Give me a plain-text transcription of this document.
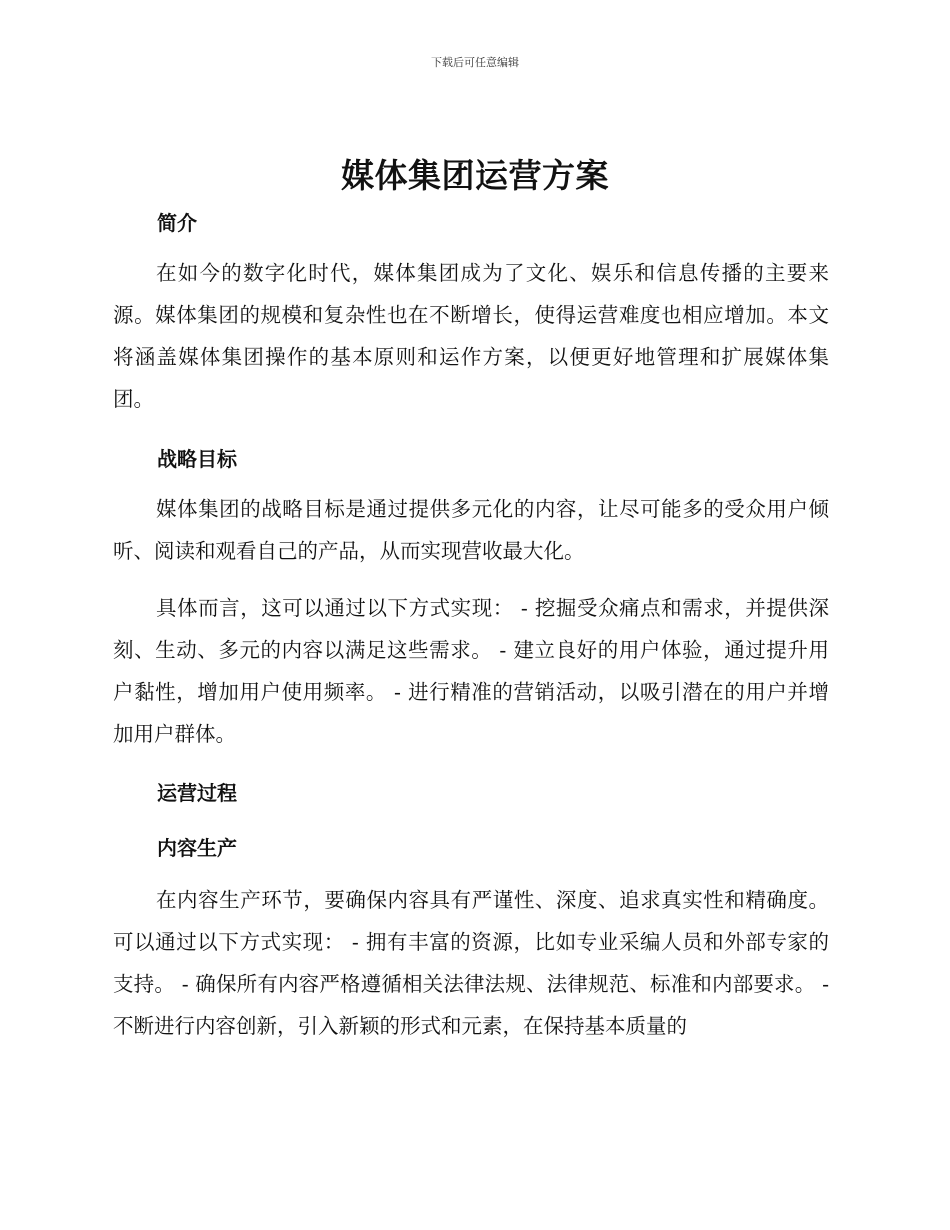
下载后可任意编辑
媒体集团运营方案
简介
在如今的数字化时代，媒体集团成为了文化、娱乐和信息传播的主要来源。媒体集团的规模和复杂性也在不断增长，使得运营难度也相应增加。本文将涵盖媒体集团操作的基本原则和运作方案，以便更好地管理和扩展媒体集团。
战略目标
媒体集团的战略目标是通过提供多元化的内容，让尽可能多的受众用户倾听、阅读和观看自己的产品，从而实现营收最大化。
具体而言，这可以通过以下方式实现： - 挖掘受众痛点和需求，并提供深刻、生动、多元的内容以满足这些需求。 - 建立良好的用户体验，通过提升用户黏性，增加用户使用频率。 - 进行精准的营销活动，以吸引潜在的用户并增加用户群体。
运营过程
内容生产
在内容生产环节，要确保内容具有严谨性、深度、追求真实性和精确度。可以通过以下方式实现： - 拥有丰富的资源，比如专业采编人员和外部专家的支持。 - 确保所有内容严格遵循相关法律法规、法律规范、标准和内部要求。 - 不断进行内容创新，引入新颖的形式和元素，在保持基本质量的
